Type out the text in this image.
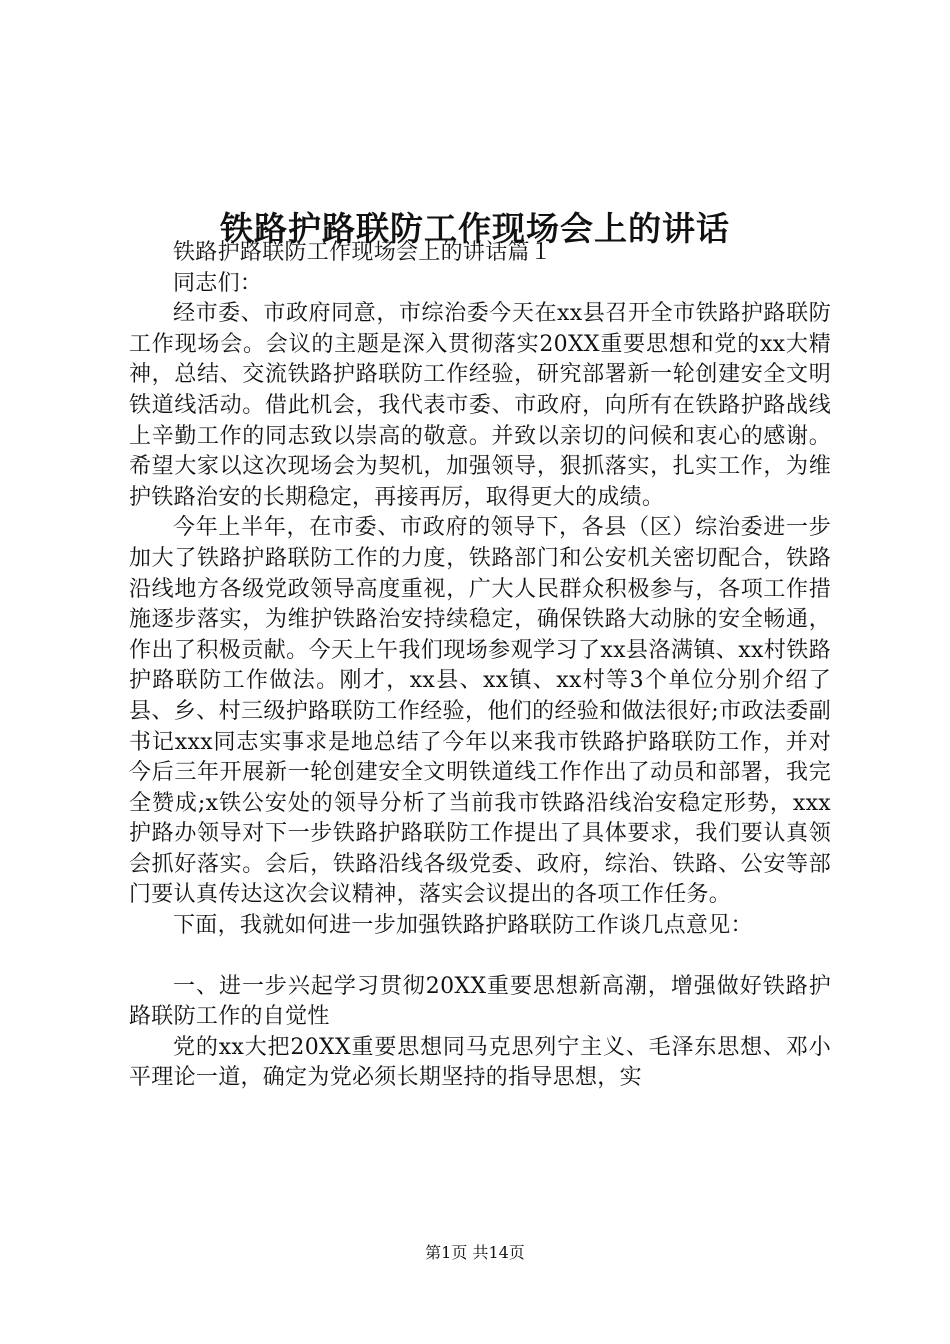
铁路护路联防工作现场会上的讲话

铁路护路联防工作现场会上的讲话篇１

同志们：

经市委、市政府同意，市综治委今天在xx县召开全市铁路护路联防工作现场会。会议的主题是深入贯彻落实20XX重要思想和党的xx大精神，总结、交流铁路护路联防工作经验，研究部署新一轮创建安全文明铁道线活动。借此机会，我代表市委、市政府，向所有在铁路护路战线上辛勤工作的同志致以崇高的敬意。并致以亲切的问候和衷心的感谢。希望大家以这次现场会为契机，加强领导，狠抓落实，扎实工作，为维护铁路治安的长期稳定，再接再厉，取得更大的成绩。

今年上半年，在市委、市政府的领导下，各县（区）综治委进一步加大了铁路护路联防工作的力度，铁路部门和公安机关密切配合，铁路沿线地方各级党政领导高度重视，广大人民群众积极参与，各项工作措施逐步落实，为维护铁路治安持续稳定，确保铁路大动脉的安全畅通，作出了积极贡献。今天上午我们现场参观学习了xx县洛满镇、xx村铁路护路联防工作做法。刚才，xx县、xx镇、xx村等3个单位分别介绍了县、乡、村三级护路联防工作经验，他们的经验和做法很好;市政法委副书记xxx同志实事求是地总结了今年以来我市铁路护路联防工作，并对今后三年开展新一轮创建安全文明铁道线工作作出了动员和部署，我完全赞成;x铁公安处的领导分析了当前我市铁路沿线治安稳定形势，xxx护路办领导对下一步铁路护路联防工作提出了具体要求，我们要认真领会抓好落实。会后，铁路沿线各级党委、政府，综治、铁路、公安等部门要认真传达这次会议精神，落实会议提出的各项工作任务。

下面，我就如何进一步加强铁路护路联防工作谈几点意见：

一、进一步兴起学习贯彻20XX重要思想新高潮，增强做好铁路护路联防工作的自觉性

党的xx大把20XX重要思想同马克思列宁主义、毛泽东思想、邓小平理论一道，确定为党必须长期坚持的指导思想，实

第1页 共14页
